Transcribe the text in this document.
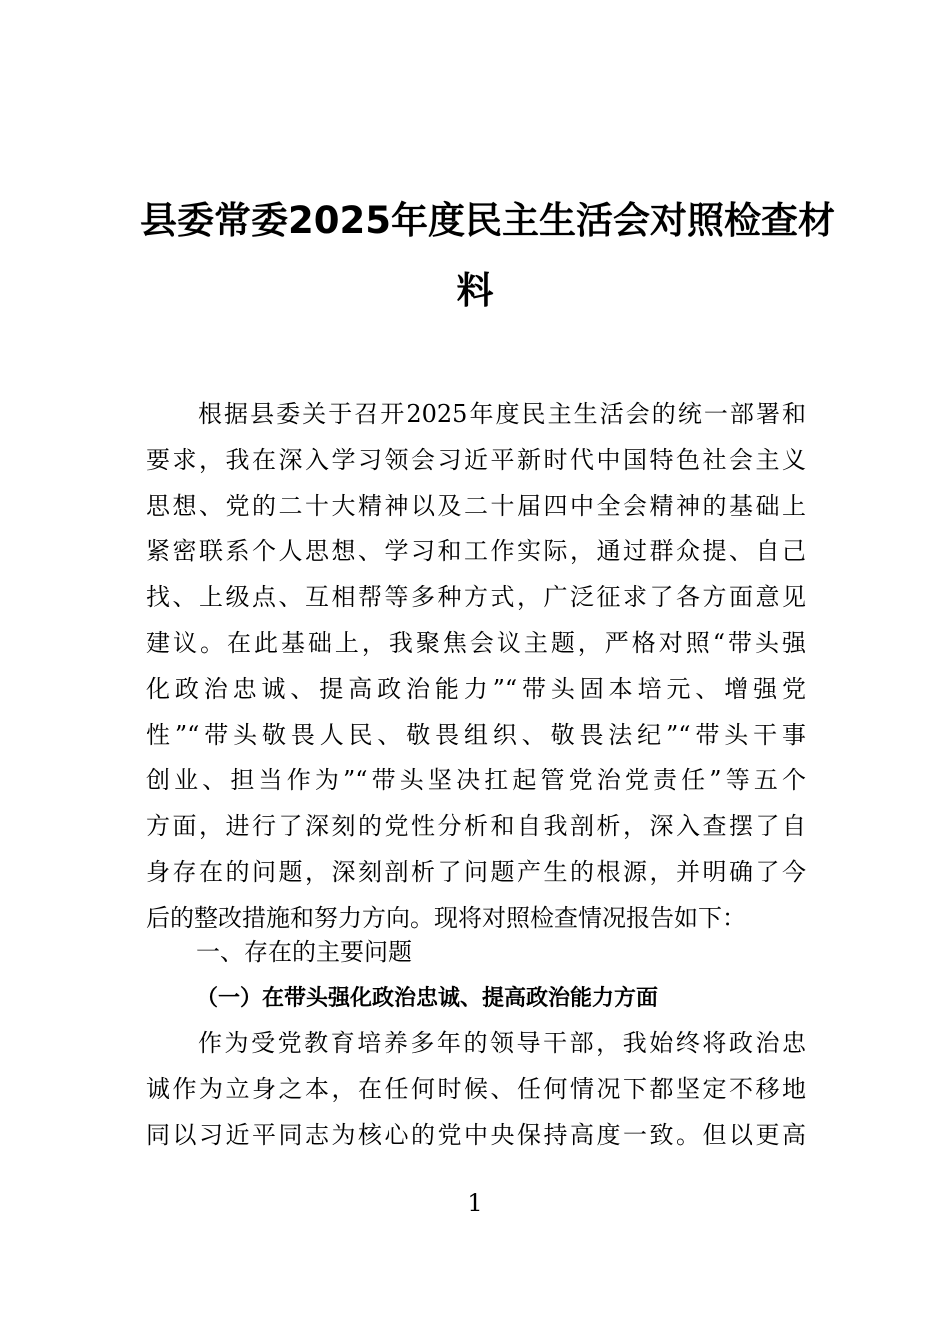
县委常委2025年度民主生活会对照检查材
料
根据县委关于召开2025年度民主生活会的统一部署和
要求，我在深入学习领会习近平新时代中国特色社会主义
思想、党的二十大精神以及二十届四中全会精神的基础上
紧密联系个人思想、学习和工作实际，通过群众提、自己
找、上级点、互相帮等多种方式，广泛征求了各方面意见
建议。在此基础上，我聚焦会议主题，严格对照“带头强
化政治忠诚、提高政治能力”“带头固本培元、增强党
性”“带头敬畏人民、敬畏组织、敬畏法纪”“带头干事
创业、担当作为”“带头坚决扛起管党治党责任”等五个
方面，进行了深刻的党性分析和自我剖析，深入查摆了自
身存在的问题，深刻剖析了问题产生的根源，并明确了今
后的整改措施和努力方向。现将对照检查情况报告如下：
一、存在的主要问题
（一）在带头强化政治忠诚、提高政治能力方面
作为受党教育培养多年的领导干部，我始终将政治忠
诚作为立身之本，在任何时候、任何情况下都坚定不移地
同以习近平同志为核心的党中央保持高度一致。但以更高
1
